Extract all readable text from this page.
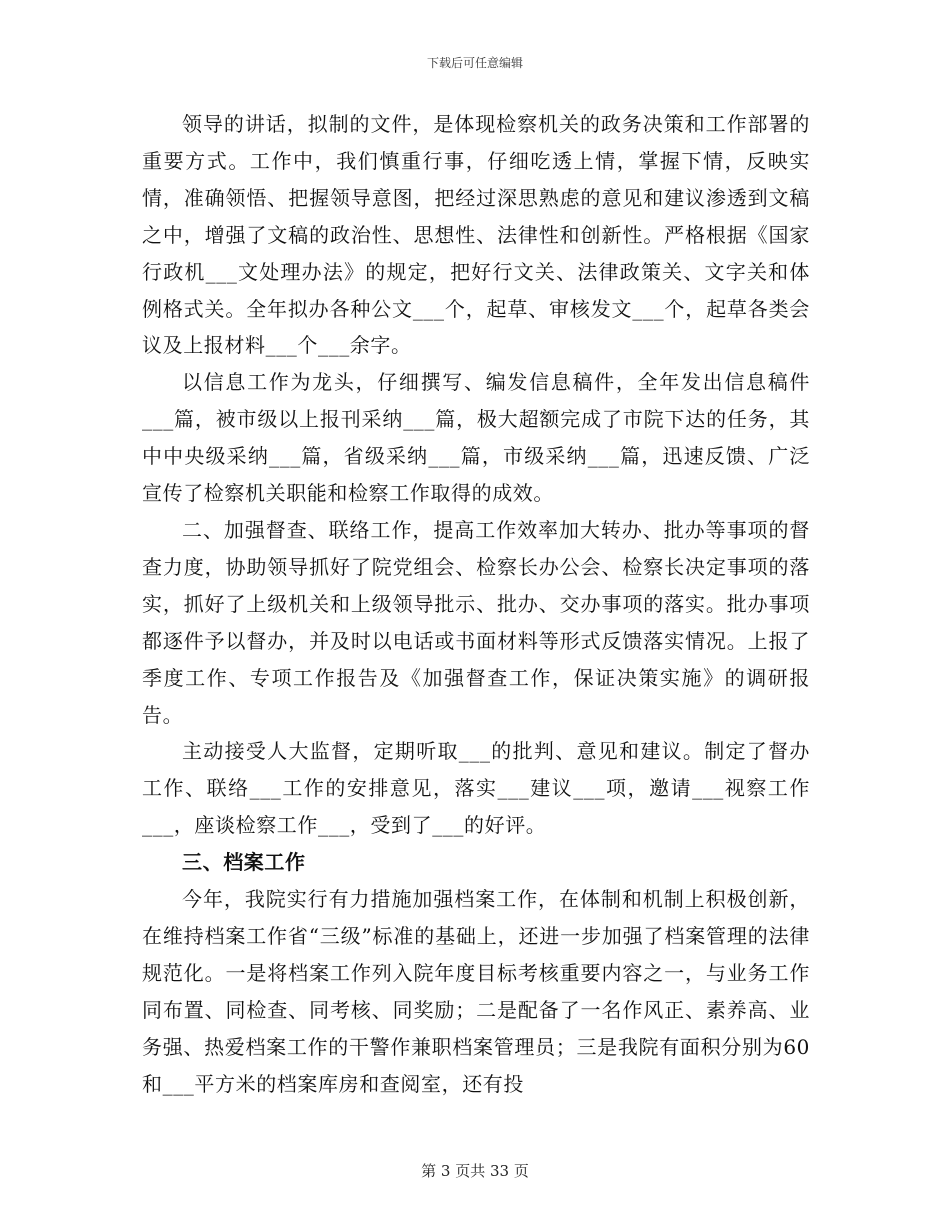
下载后可任意编辑

领导的讲话，拟制的文件，是体现检察机关的政务决策和工作部署的重要方式。工作中，我们慎重行事，仔细吃透上情，掌握下情，反映实情，准确领悟、把握领导意图，把经过深思熟虑的意见和建议渗透到文稿之中，增强了文稿的政治性、思想性、法律性和创新性。严格根据《国家行政机___文处理办法》的规定，把好行文关、法律政策关、文字关和体例格式关。全年拟办各种公文___个，起草、审核发文___个，起草各类会议及上报材料___个___余字。

以信息工作为龙头，仔细撰写、编发信息稿件，全年发出信息稿件___篇，被市级以上报刊采纳___篇，极大超额完成了市院下达的任务，其中中央级采纳___篇，省级采纳___篇，市级采纳___篇，迅速反馈、广泛宣传了检察机关职能和检察工作取得的成效。

二、加强督查、联络工作，提高工作效率加大转办、批办等事项的督查力度，协助领导抓好了院党组会、检察长办公会、检察长决定事项的落实，抓好了上级机关和上级领导批示、批办、交办事项的落实。批办事项都逐件予以督办，并及时以电话或书面材料等形式反馈落实情况。上报了季度工作、专项工作报告及《加强督查工作，保证决策实施》的调研报告。

主动接受人大监督，定期听取___的批判、意见和建议。制定了督办工作、联络___工作的安排意见，落实___建议___项，邀请___视察工作___，座谈检察工作___，受到了___的好评。

三、档案工作

今年，我院实行有力措施加强档案工作，在体制和机制上积极创新，在维持档案工作省“三级”标准的基础上，还进一步加强了档案管理的法律规范化。一是将档案工作列入院年度目标考核重要内容之一，与业务工作同布置、同检查、同考核、同奖励；二是配备了一名作风正、素养高、业务强、热爱档案工作的干警作兼职档案管理员；三是我院有面积分别为60和___平方米的档案库房和查阅室，还有投

第 3 页共 33 页
